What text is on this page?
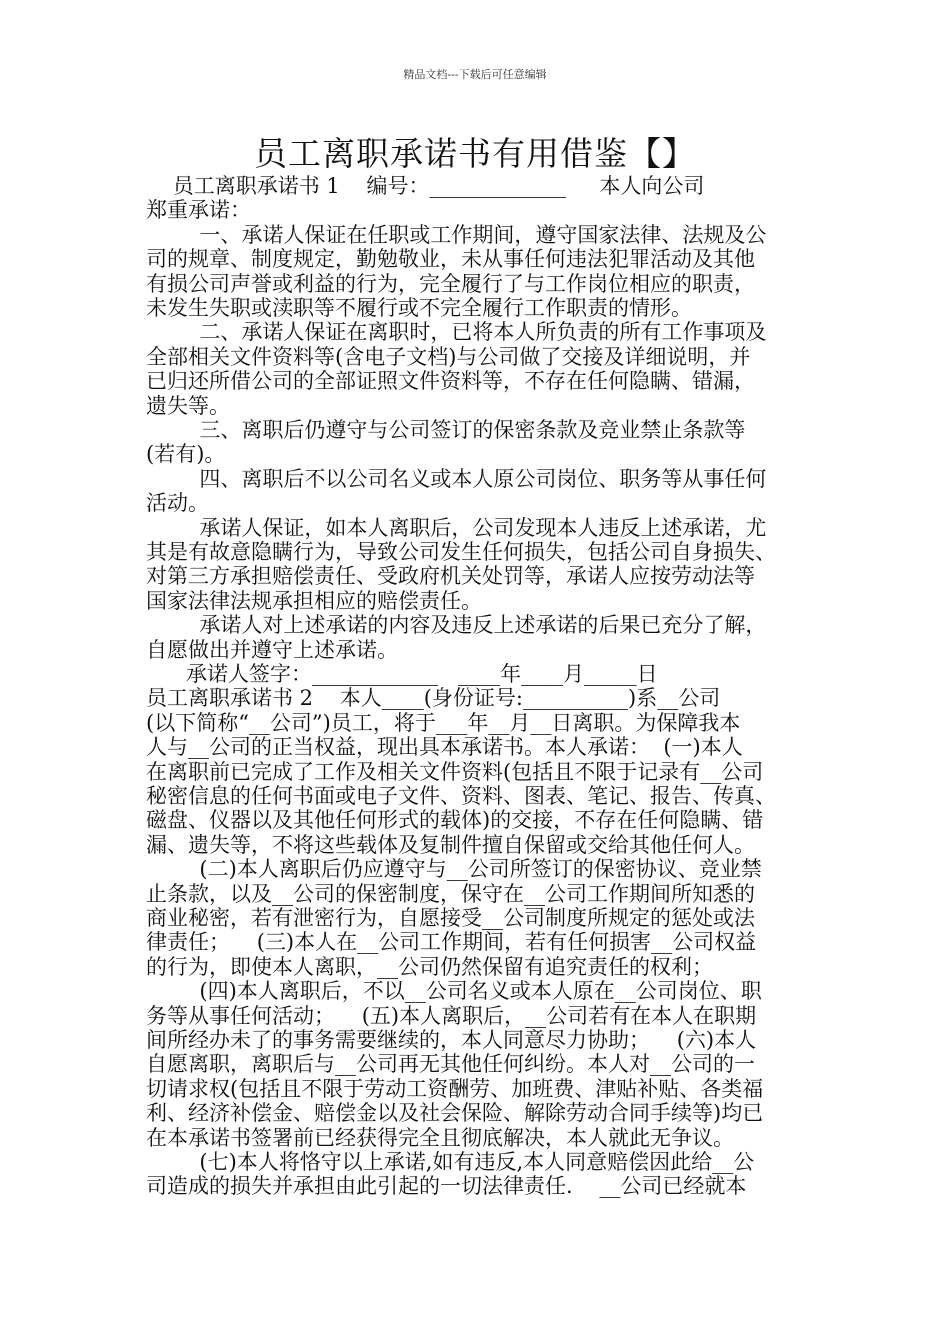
精品文档---下载后可任意编辑
员工离职承诺书有用借鉴【】
员工离职承诺书 1    编号：_____________     本人向公司
郑重承诺：
一、承诺人保证在任职或工作期间，遵守国家法律、法规及公
司的规章、制度规定，勤勉敬业，未从事任何违法犯罪活动及其他
有损公司声誉或利益的行为，完全履行了与工作岗位相应的职责，
未发生失职或渎职等不履行或不完全履行工作职责的情形。
二、承诺人保证在离职时，已将本人所负责的所有工作事项及
全部相关文件资料等(含电子文档)与公司做了交接及详细说明，并
已归还所借公司的全部证照文件资料等，不存在任何隐瞒、错漏，
遗失等。
三、离职后仍遵守与公司签订的保密条款及竞业禁止条款等
(若有)。
四、离职后不以公司名义或本人原公司岗位、职务等从事任何
活动。
承诺人保证，如本人离职后，公司发现本人违反上述承诺，尤
其是有故意隐瞒行为，导致公司发生任何损失，包括公司自身损失、
对第三方承担赔偿责任、受政府机关处罚等，承诺人应按劳动法等
国家法律法规承担相应的赔偿责任。
承诺人对上述承诺的内容及违反上述承诺的后果已充分了解，
自愿做出并遵守上述承诺。
承诺人签字：____________   ____年____月_____日
员工离职承诺书 2    本人____(身份证号:__________)系__公司
(以下简称“__公司”)员工，将于___年__月__日离职。为保障我本
人与__公司的正当权益，现出具本承诺书。本人承诺：  (一)本人
在离职前已完成了工作及相关文件资料(包括且不限于记录有__公司
秘密信息的任何书面或电子文件、资料、图表、笔记、报告、传真、
磁盘、仪器以及其他任何形式的载体)的交接，不存在任何隐瞒、错
漏、遗失等，不将这些载体及复制件擅自保留或交给其他任何人。
(二)本人离职后仍应遵守与__公司所签订的保密协议、竞业禁
止条款，以及__公司的保密制度，保守在__公司工作期间所知悉的
商业秘密，若有泄密行为，自愿接受__公司制度所规定的惩处或法
律责任；    (三)本人在__公司工作期间，若有任何损害__公司权益
的行为，即使本人离职，__公司仍然保留有追究责任的权利；
(四)本人离职后，不以__公司名义或本人原在__公司岗位、职
务等从事任何活动；    (五)本人离职后，__公司若有在本人在职期
间所经办未了的事务需要继续的，本人同意尽力协助；    (六)本人
自愿离职，离职后与__公司再无其他任何纠纷。本人对__公司的一
切请求权(包括且不限于劳动工资酬劳、加班费、津贴补贴、各类福
利、经济补偿金、赔偿金以及社会保险、解除劳动合同手续等)均已
在本承诺书签署前已经获得完全且彻底解决，本人就此无争议。
(七)本人将恪守以上承诺,如有违反,本人同意赔偿因此给__公
司造成的损失并承担由此引起的一切法律责任.    __公司已经就本
